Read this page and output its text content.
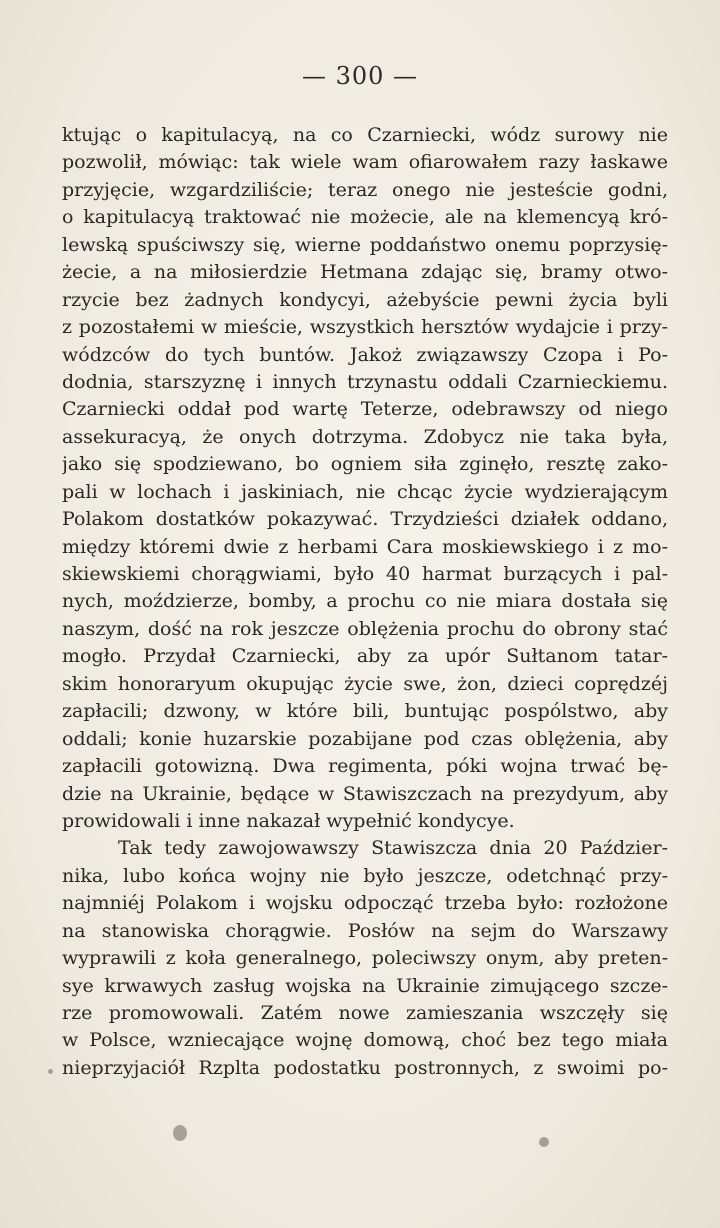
— 300 —
ktując o kapitulacyą, na co Czarniecki, wódz surowy nie
pozwolił, mówiąc: tak wiele wam ofiarowałem razy łaskawe
przyjęcie, wzgardziliście; teraz onego nie jesteście godni,
o kapitulacyą traktować nie możecie, ale na klemencyą kró-
lewską spuściwszy się, wierne poddaństwo onemu poprzysię-
żecie, a na miłosierdzie Hetmana zdając się, bramy otwo-
rzycie bez żadnych kondycyi, ażebyście pewni życia byli
z pozostałemi w mieście, wszystkich hersztów wydajcie i przy-
wódzców do tych buntów. Jakoż związawszy Czopa i Po-
dodnia, starszyznę i innych trzynastu oddali Czarnieckiemu.
Czarniecki oddał pod wartę Teterze, odebrawszy od niego
assekuracyą, że onych dotrzyma. Zdobycz nie taka była,
jako się spodziewano, bo ogniem siła zginęło, resztę zako-
pali w lochach i jaskiniach, nie chcąc życie wydzierającym
Polakom dostatków pokazywać. Trzydzieści działek oddano,
między któremi dwie z herbami Cara moskiewskiego i z mo-
skiewskiemi chorągwiami, było 40 harmat burzących i pal-
nych, moździerze, bomby, a prochu co nie miara dostała się
naszym, dość na rok jeszcze oblężenia prochu do obrony stać
mogło. Przydał Czarniecki, aby za upór Sułtanom tatar-
skim honoraryum okupując życie swe, żon, dzieci coprędzéj
zapłacili; dzwony, w które bili, buntując pospólstwo, aby
oddali; konie huzarskie pozabijane pod czas oblężenia, aby
zapłacili gotowizną. Dwa regimenta, póki wojna trwać bę-
dzie na Ukrainie, będące w Stawiszczach na prezydyum, aby
prowidowali i inne nakazał wypełnić kondycye.
Tak tedy zawojowawszy Stawiszcza dnia 20 Paździer-
nika, lubo końca wojny nie było jeszcze, odetchnąć przy-
najmniéj Polakom i wojsku odpocząć trzeba było: rozłożone
na stanowiska chorągwie. Posłów na sejm do Warszawy
wyprawili z koła generalnego, poleciwszy onym, aby preten-
sye krwawych zasług wojska na Ukrainie zimującego szcze-
rze promowowali. Zatém nowe zamieszania wszczęły się
w Polsce, wzniecające wojnę domową, choć bez tego miała
nieprzyjaciół Rzplta podostatku postronnych, z swoimi po-
